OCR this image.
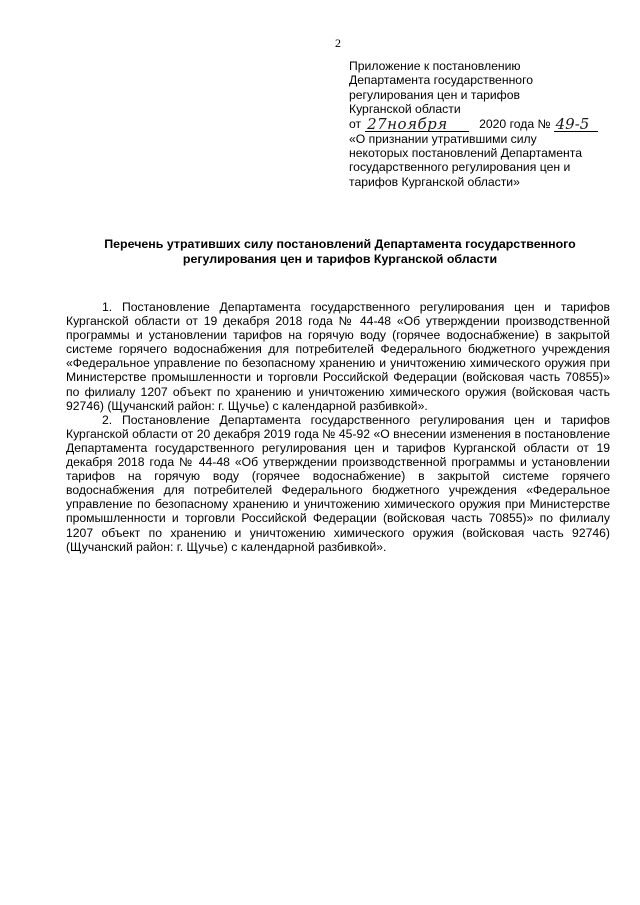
2
Приложение к постановлению
Департамента государственного
регулирования цен и тарифов
Курганской области
от 27ноября	2020 года № 49-5
«О признании утратившими силу
некоторых постановлений Департамента
государственного регулирования цен и
тарифов Курганской области»
Перечень утративших силу постановлений Департамента государственного
регулирования цен и тарифов Курганской области

1. Постановление Департамента государственного регулирования цен и тарифов Курганской области от 19 декабря 2018 года № 44-48 «Об утверждении производственной программы и установлении тарифов на горячую воду (горячее водоснабжение) в закрытой системе горячего водоснабжения для потребителей Федерального бюджетного учреждения «Федеральное управление по безопасному хранению и уничтожению химического оружия при Министерстве промышленности и торговли Российской Федерации (войсковая часть 70855)» по филиалу 1207 объект по хранению и уничтожению химического оружия (войсковая часть 92746) (Щучанский район: г. Щучье) с календарной разбивкой».

2. Постановление Департамента государственного регулирования цен и тарифов Курганской области от 20 декабря 2019 года № 45-92 «О внесении изменения в постановление Департамента государственного регулирования цен и тарифов Курганской области от 19 декабря 2018 года № 44-48 «Об утверждении производственной программы и установлении тарифов на горячую воду (горячее водоснабжение) в закрытой системе горячего водоснабжения для потребителей Федерального бюджетного учреждения «Федеральное управление по безопасному хранению и уничтожению химического оружия при Министерстве промышленности и торговли Российской Федерации (войсковая часть 70855)» по филиалу 1207 объект по хранению и уничтожению химического оружия (войсковая часть 92746) (Щучанский район: г. Щучье) с календарной разбивкой».
